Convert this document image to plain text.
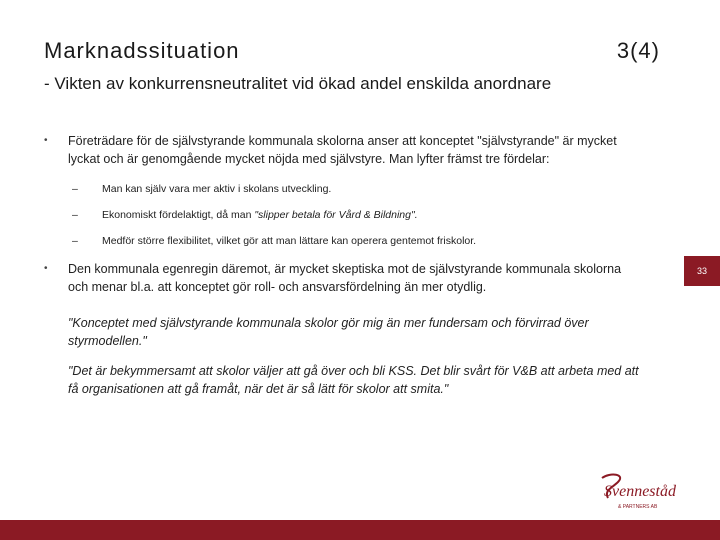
Marknadssituation	3(4)
- Vikten av konkurrensneutralitet vid ökad andel enskilda anordnare
• Företrädare för de självstyrande kommunala skolorna anser att konceptet "självstyrande" är mycket lyckat och är genomgående mycket nöjda med självstyre. Man lyfter främst tre fördelar:
– Man kan själv vara mer aktiv i skolans utveckling.
– Ekonomiskt fördelaktigt, då man "slipper betala för Vård & Bildning".
– Medför större flexibilitet, vilket gör att man lättare kan operera gentemot friskolor.
• Den kommunala egenregin däremot, är mycket skeptiska mot de självstyrande kommunala skolorna och menar bl.a. att konceptet gör roll- och ansvarsfördelning än mer otydlig.
"Konceptet med självstyrande kommunala skolor gör mig än mer fundersam och förvirrad över styrmodellen."
"Det är bekymmersamt att skolor väljer att gå över och bli KSS. Det blir svårt för V&B att arbeta med att få organisationen att gå framåt, när det är så lätt för skolor att smita."
33
Svenneståd
& PARTNERS AB
